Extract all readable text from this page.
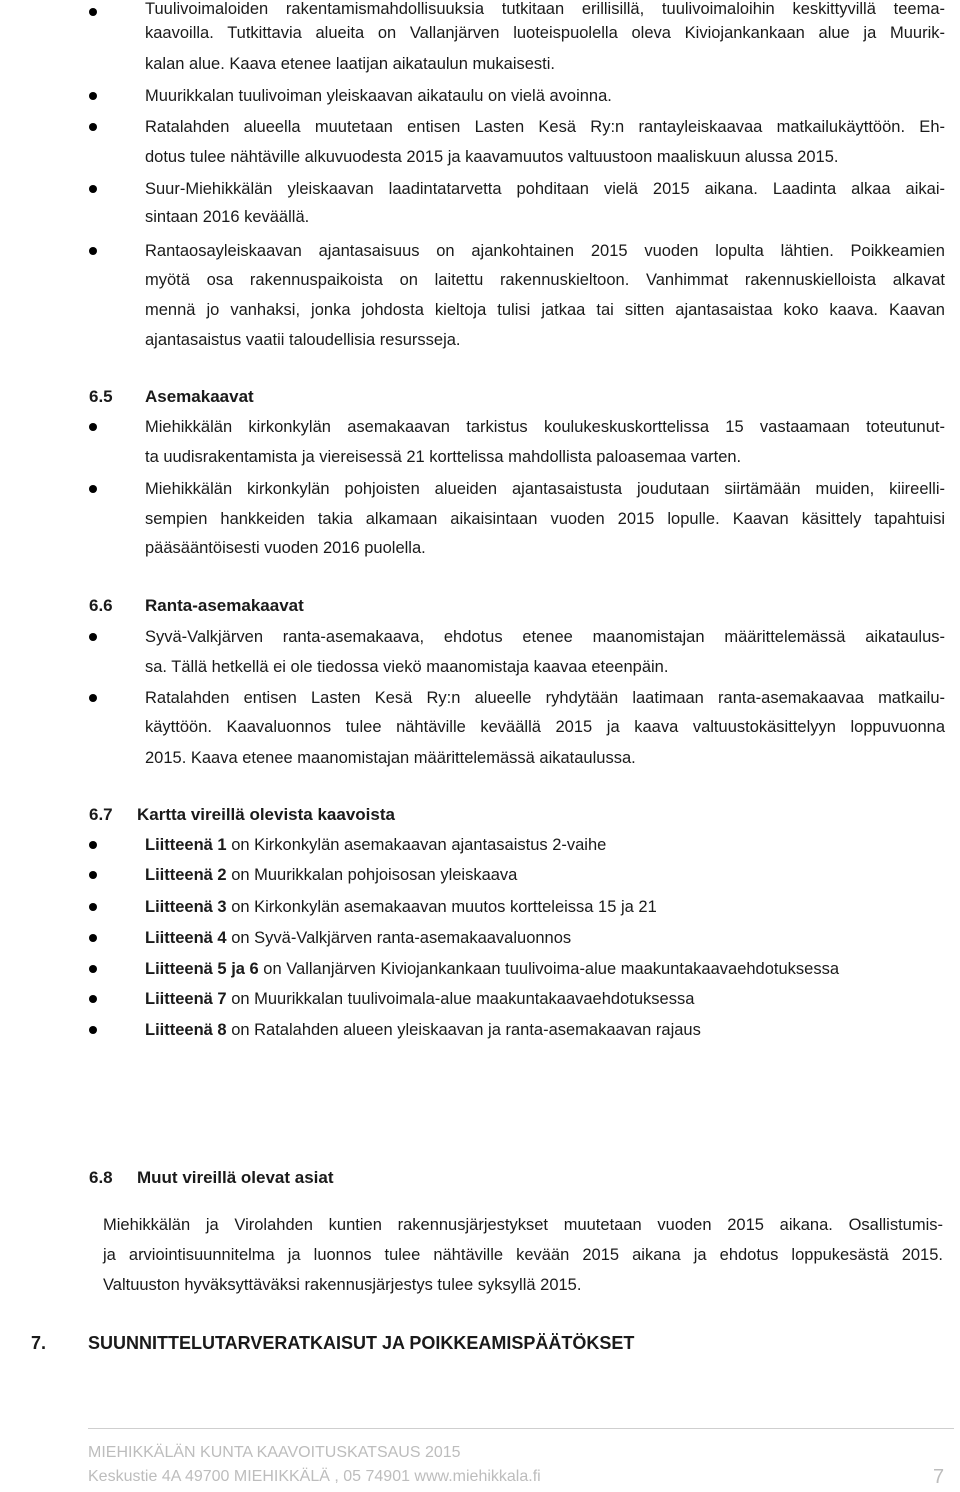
Tuulivoimaloiden rakentamismahdollisuuksia tutkitaan erillisillä, tuulivoimaloihin keskittyvillä teema-
kaavoilla. Tutkittavia alueita on Vallanjärven luoteispuolella oleva Kiviojankankaan alue ja Muurik-
kalan alue. Kaava etenee laatijan aikataulun mukaisesti.
Muurikkalan tuulivoiman yleiskaavan aikataulu on vielä avoinna.
Ratalahden alueella muutetaan entisen Lasten Kesä Ry:n rantayleiskaavaa matkailukäyttöön. Eh-
dotus tulee nähtäville alkuvuodesta 2015 ja kaavamuutos valtuustoon maaliskuun alussa 2015.
Suur-Miehikkälän yleiskaavan laadintatarvetta pohditaan vielä 2015 aikana. Laadinta alkaa aikai-
sintaan 2016 keväällä.
Rantaosayleiskaavan ajantasaisuus on ajankohtainen 2015 vuoden lopulta lähtien. Poikkeamien
myötä osa rakennuspaikoista on laitettu rakennuskieltoon. Vanhimmat rakennuskielloista alkavat
mennä jo vanhaksi, jonka johdosta kieltoja tulisi jatkaa tai sitten ajantasaistaa koko kaava. Kaavan
ajantasaistus vaatii taloudellisia resursseja.
6.5 Asemakaavat
Miehikkälän kirkonkylän asemakaavan tarkistus koulukeskuskorttelissa 15 vastaamaan toteutunut-
ta uudisrakentamista ja viereisessä 21 korttelissa mahdollista paloasemaa varten.
Miehikkälän kirkonkylän pohjoisten alueiden ajantasaistusta joudutaan siirtämään muiden, kiireelli-
sempien hankkeiden takia alkamaan aikaisintaan vuoden 2015 lopulle. Kaavan käsittely tapahtuisi
pääsääntöisesti vuoden 2016 puolella.
6.6 Ranta-asemakaavat
Syvä-Valkjärven ranta-asemakaava, ehdotus etenee maanomistajan määrittelemässä aikataulus-
sa. Tällä hetkellä ei ole tiedossa viekö maanomistaja kaavaa eteenpäin.
Ratalahden entisen Lasten Kesä Ry:n alueelle ryhdytään laatimaan ranta-asemakaavaa matkailu-
käyttöön. Kaavaluonnos tulee nähtäville keväällä 2015 ja kaava valtuustokäsittelyyn loppuvuonna
2015. Kaava etenee maanomistajan määrittelemässä aikataulussa.
6.7 Kartta vireillä olevista kaavoista
Liitteenä 1 on Kirkonkylän asemakaavan ajantasaistus 2-vaihe
Liitteenä 2 on Muurikkalan pohjoisosan yleiskaava
Liitteenä 3 on Kirkonkylän asemakaavan muutos kortteleissa 15 ja 21
Liitteenä 4 on Syvä-Valkjärven ranta-asemakaavaluonnos
Liitteenä 5 ja 6 on Vallanjärven Kiviojankankaan tuulivoima-alue maakuntakaavaehdotuksessa
Liitteenä 7 on Muurikkalan tuulivoimala-alue maakuntakaavaehdotuksessa
Liitteenä 8 on Ratalahden alueen yleiskaavan ja ranta-asemakaavan rajaus
6.8 Muut vireillä olevat asiat
Miehikkälän ja Virolahden kuntien rakennusjärjestykset muutetaan vuoden 2015 aikana. Osallistumis-
ja arviointisuunnitelma ja luonnos tulee nähtäville kevään 2015 aikana ja ehdotus loppukesästä 2015.
Valtuuston hyväksyttäväksi rakennusjärjestys tulee syksyllä 2015.
7. SUUNNITTELUTARVERATKAISUT JA POIKKEAMISPÄÄTÖKSET
MIEHIKKÄLÄN KUNTA KAAVOITUSKATSAUS 2015
Keskustie 4A 49700 MIEHIKKÄLÄ , 05 74901 www.miehikkala.fi	7
